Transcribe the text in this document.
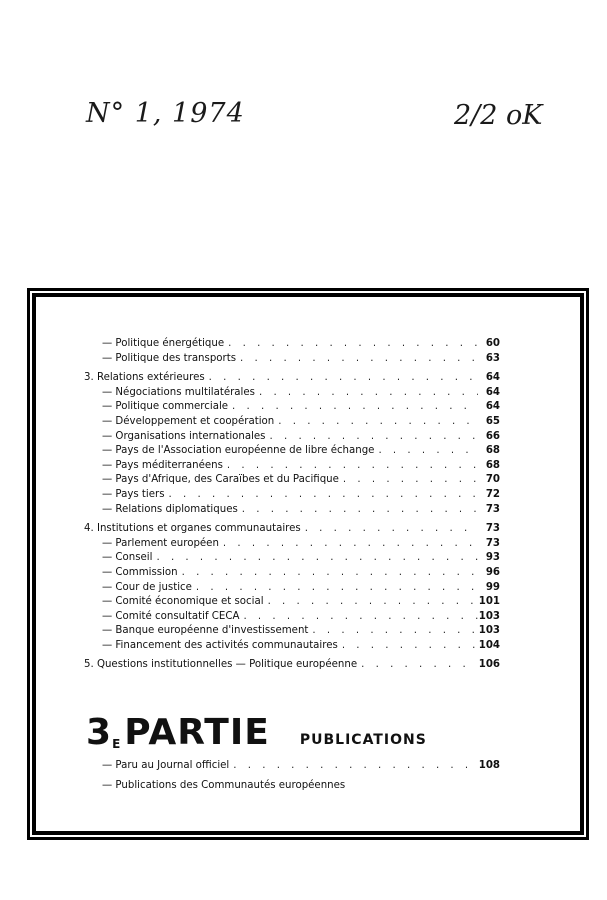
N° 1, 1974	2/2 oK
— Politique énergétique . . .	60
— Politique des transports . . .	63
3. Relations extérieures . . .	64
— Négociations multilatérales . . .	64
— Politique commerciale . . .	64
— Développement et coopération . . .	65
— Organisations internationales . . .	66
— Pays de l'Association européenne de libre échange . . .	68
— Pays méditerranéens . . .	68
— Pays d'Afrique, des Caraïbes et du Pacifique . . .	70
— Pays tiers . . .	72
— Relations diplomatiques . . .	73
4. Institutions et organes communautaires . . .	73
— Parlement européen . . .	73
— Conseil . . .	93
— Commission . . .	96
— Cour de justice . . .	99
— Comité économique et social . . .	101
— Comité consultatif CECA . . .	103
— Banque européenne d'investissement . . .	103
— Financement des activités communautaires . . .	104
5. Questions institutionnelles — Politique européenne . . .	106
$3^E$ PARTIE PUBLICATIONS
— Paru au Journal officiel . . .	108
— Publications des Communautés européennes
